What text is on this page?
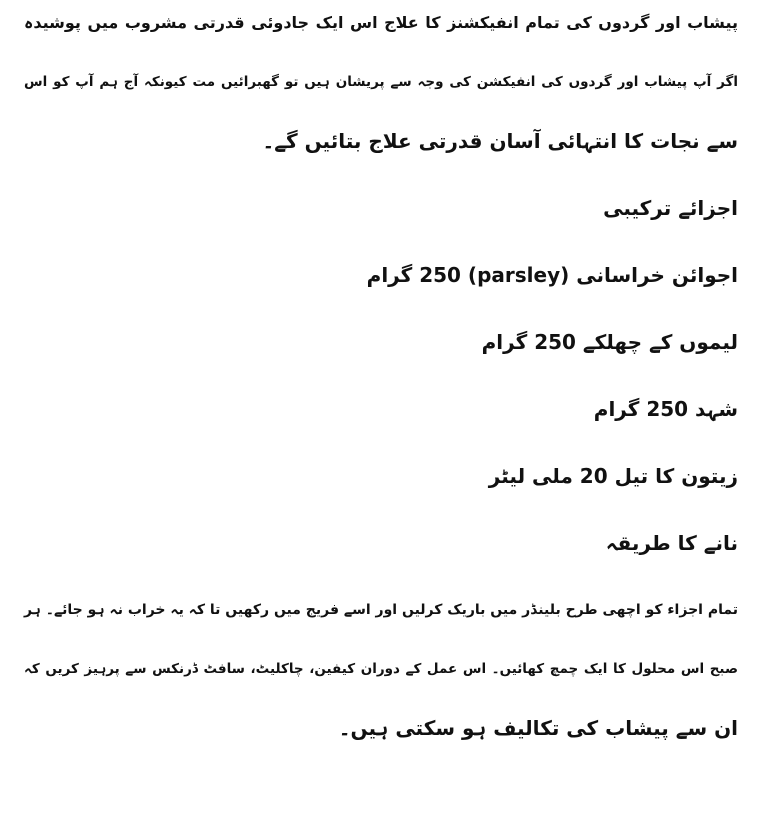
پیشاب اور گردوں کی تمام انفیکشنز کا علاج اس ایک جادوئی قدرتی مشروب میں پوشیدہ

اگر آپ پیشاب اور گردوں کی انفیکشن کی وجہ سے پریشان ہیں تو گھبرائیں مت کیونکہ آج ہم آپ کو اس

سے نجات کا انتہائی آسان قدرتی علاج بتائیں گے۔

اجزائے ترکیبی

اجوائن خراسانی (parsley) 250 گرام

لیموں کے چھلکے 250 گرام

شہد 250 گرام

زیتون کا تیل 20 ملی لیٹر

نانے کا طریقہ

تمام اجزاء کو اچھی طرح بلینڈر میں باریک کرلیں اور اسے فریج میں رکھیں تا کہ یہ خراب نہ ہو جائے۔ ہر

صبح اس محلول کا ایک چمچ کھائیں۔ اس عمل کے دوران کیفین، چاکلیٹ، سافٹ ڈرنکس سے پرہیز کریں کہ

ان سے پیشاب کی تکالیف ہو سکتی ہیں۔
